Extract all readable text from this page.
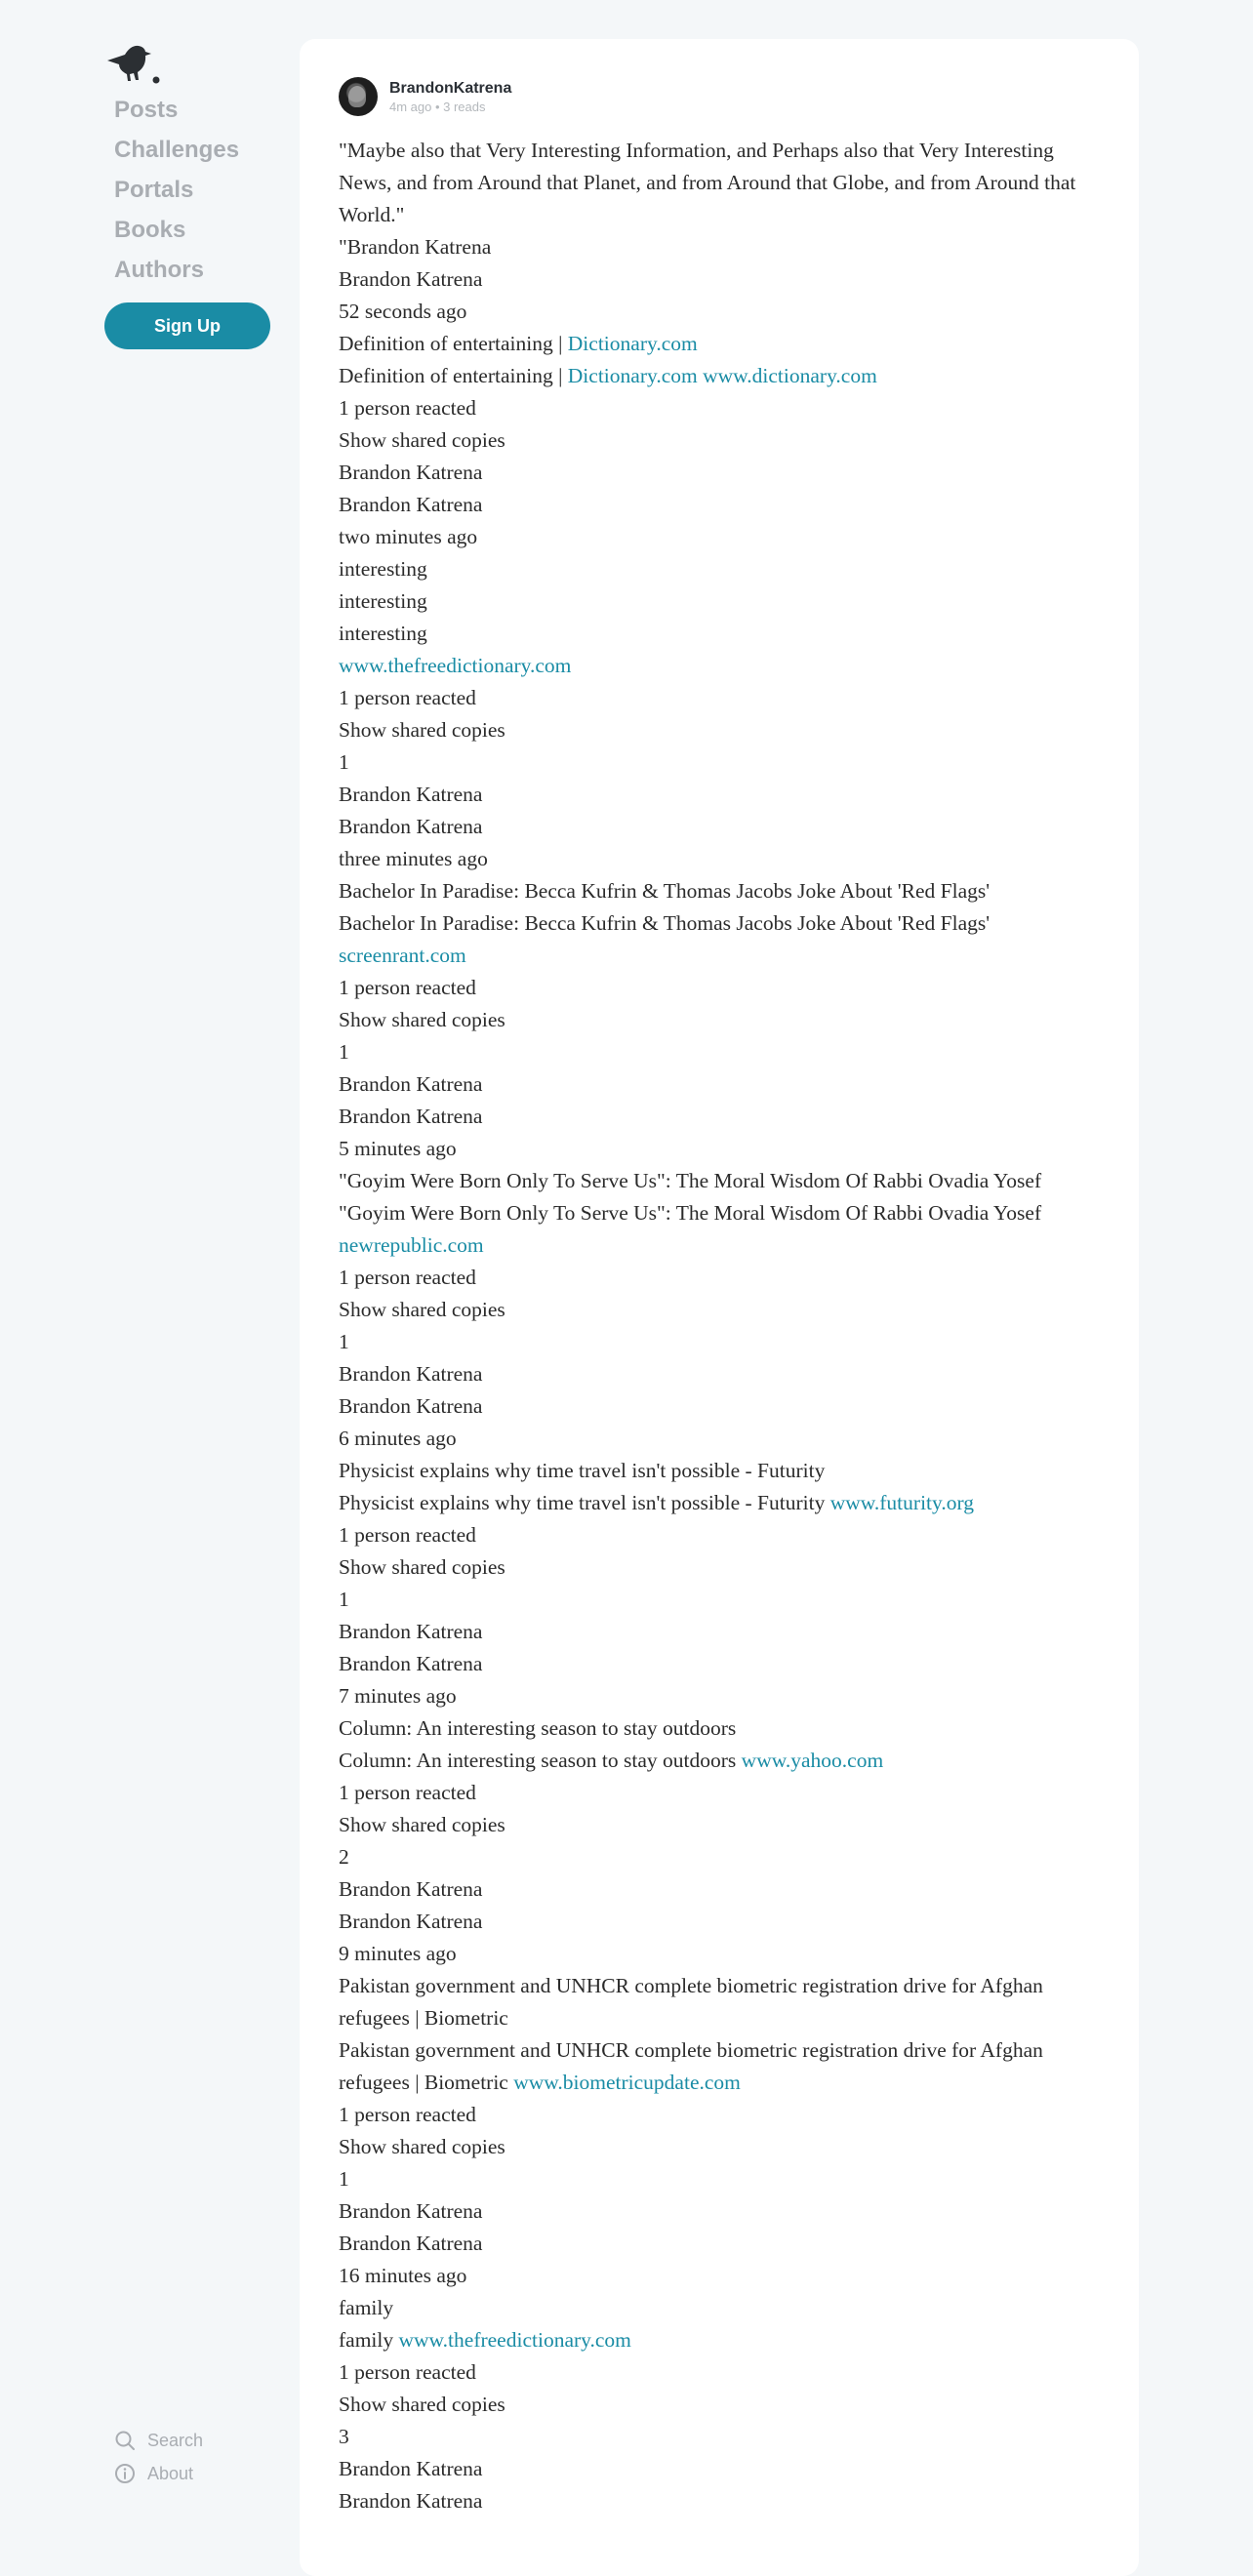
Posts
Challenges
Portals
Books
Authors
Sign Up
Search
About
BrandonKatrena
4m ago • 3 reads

"Maybe also that Very Interesting Information, and Perhaps also that Very Interesting News, and from Around that Planet, and from Around that Globe, and from Around that World."

"Brandon Katrena

Brandon Katrena

52 seconds ago

Definition of entertaining | Dictionary.com

Definition of entertaining | Dictionary.com www.dictionary.com

1 person reacted

Show shared copies

Brandon Katrena

Brandon Katrena

two minutes ago

interesting

interesting

interesting

www.thefreedictionary.com

1 person reacted

Show shared copies

1

Brandon Katrena

Brandon Katrena

three minutes ago

Bachelor In Paradise: Becca Kufrin & Thomas Jacobs Joke About 'Red Flags'

Bachelor In Paradise: Becca Kufrin & Thomas Jacobs Joke About 'Red Flags'

screenrant.com

1 person reacted

Show shared copies

1

Brandon Katrena

Brandon Katrena

5 minutes ago

"Goyim Were Born Only To Serve Us": The Moral Wisdom Of Rabbi Ovadia Yosef

"Goyim Were Born Only To Serve Us": The Moral Wisdom Of Rabbi Ovadia Yosef

newrepublic.com

1 person reacted

Show shared copies

1

Brandon Katrena

Brandon Katrena

6 minutes ago

Physicist explains why time travel isn't possible - Futurity

Physicist explains why time travel isn't possible - Futurity www.futurity.org

1 person reacted

Show shared copies

1

Brandon Katrena

Brandon Katrena

7 minutes ago

Column: An interesting season to stay outdoors

Column: An interesting season to stay outdoors www.yahoo.com

1 person reacted

Show shared copies

2

Brandon Katrena

Brandon Katrena

9 minutes ago

Pakistan government and UNHCR complete biometric registration drive for Afghan refugees | Biometric

Pakistan government and UNHCR complete biometric registration drive for Afghan refugees | Biometric www.biometricupdate.com

1 person reacted

Show shared copies

1

Brandon Katrena

Brandon Katrena

16 minutes ago

family

family www.thefreedictionary.com

1 person reacted

Show shared copies

3

Brandon Katrena

Brandon Katrena
